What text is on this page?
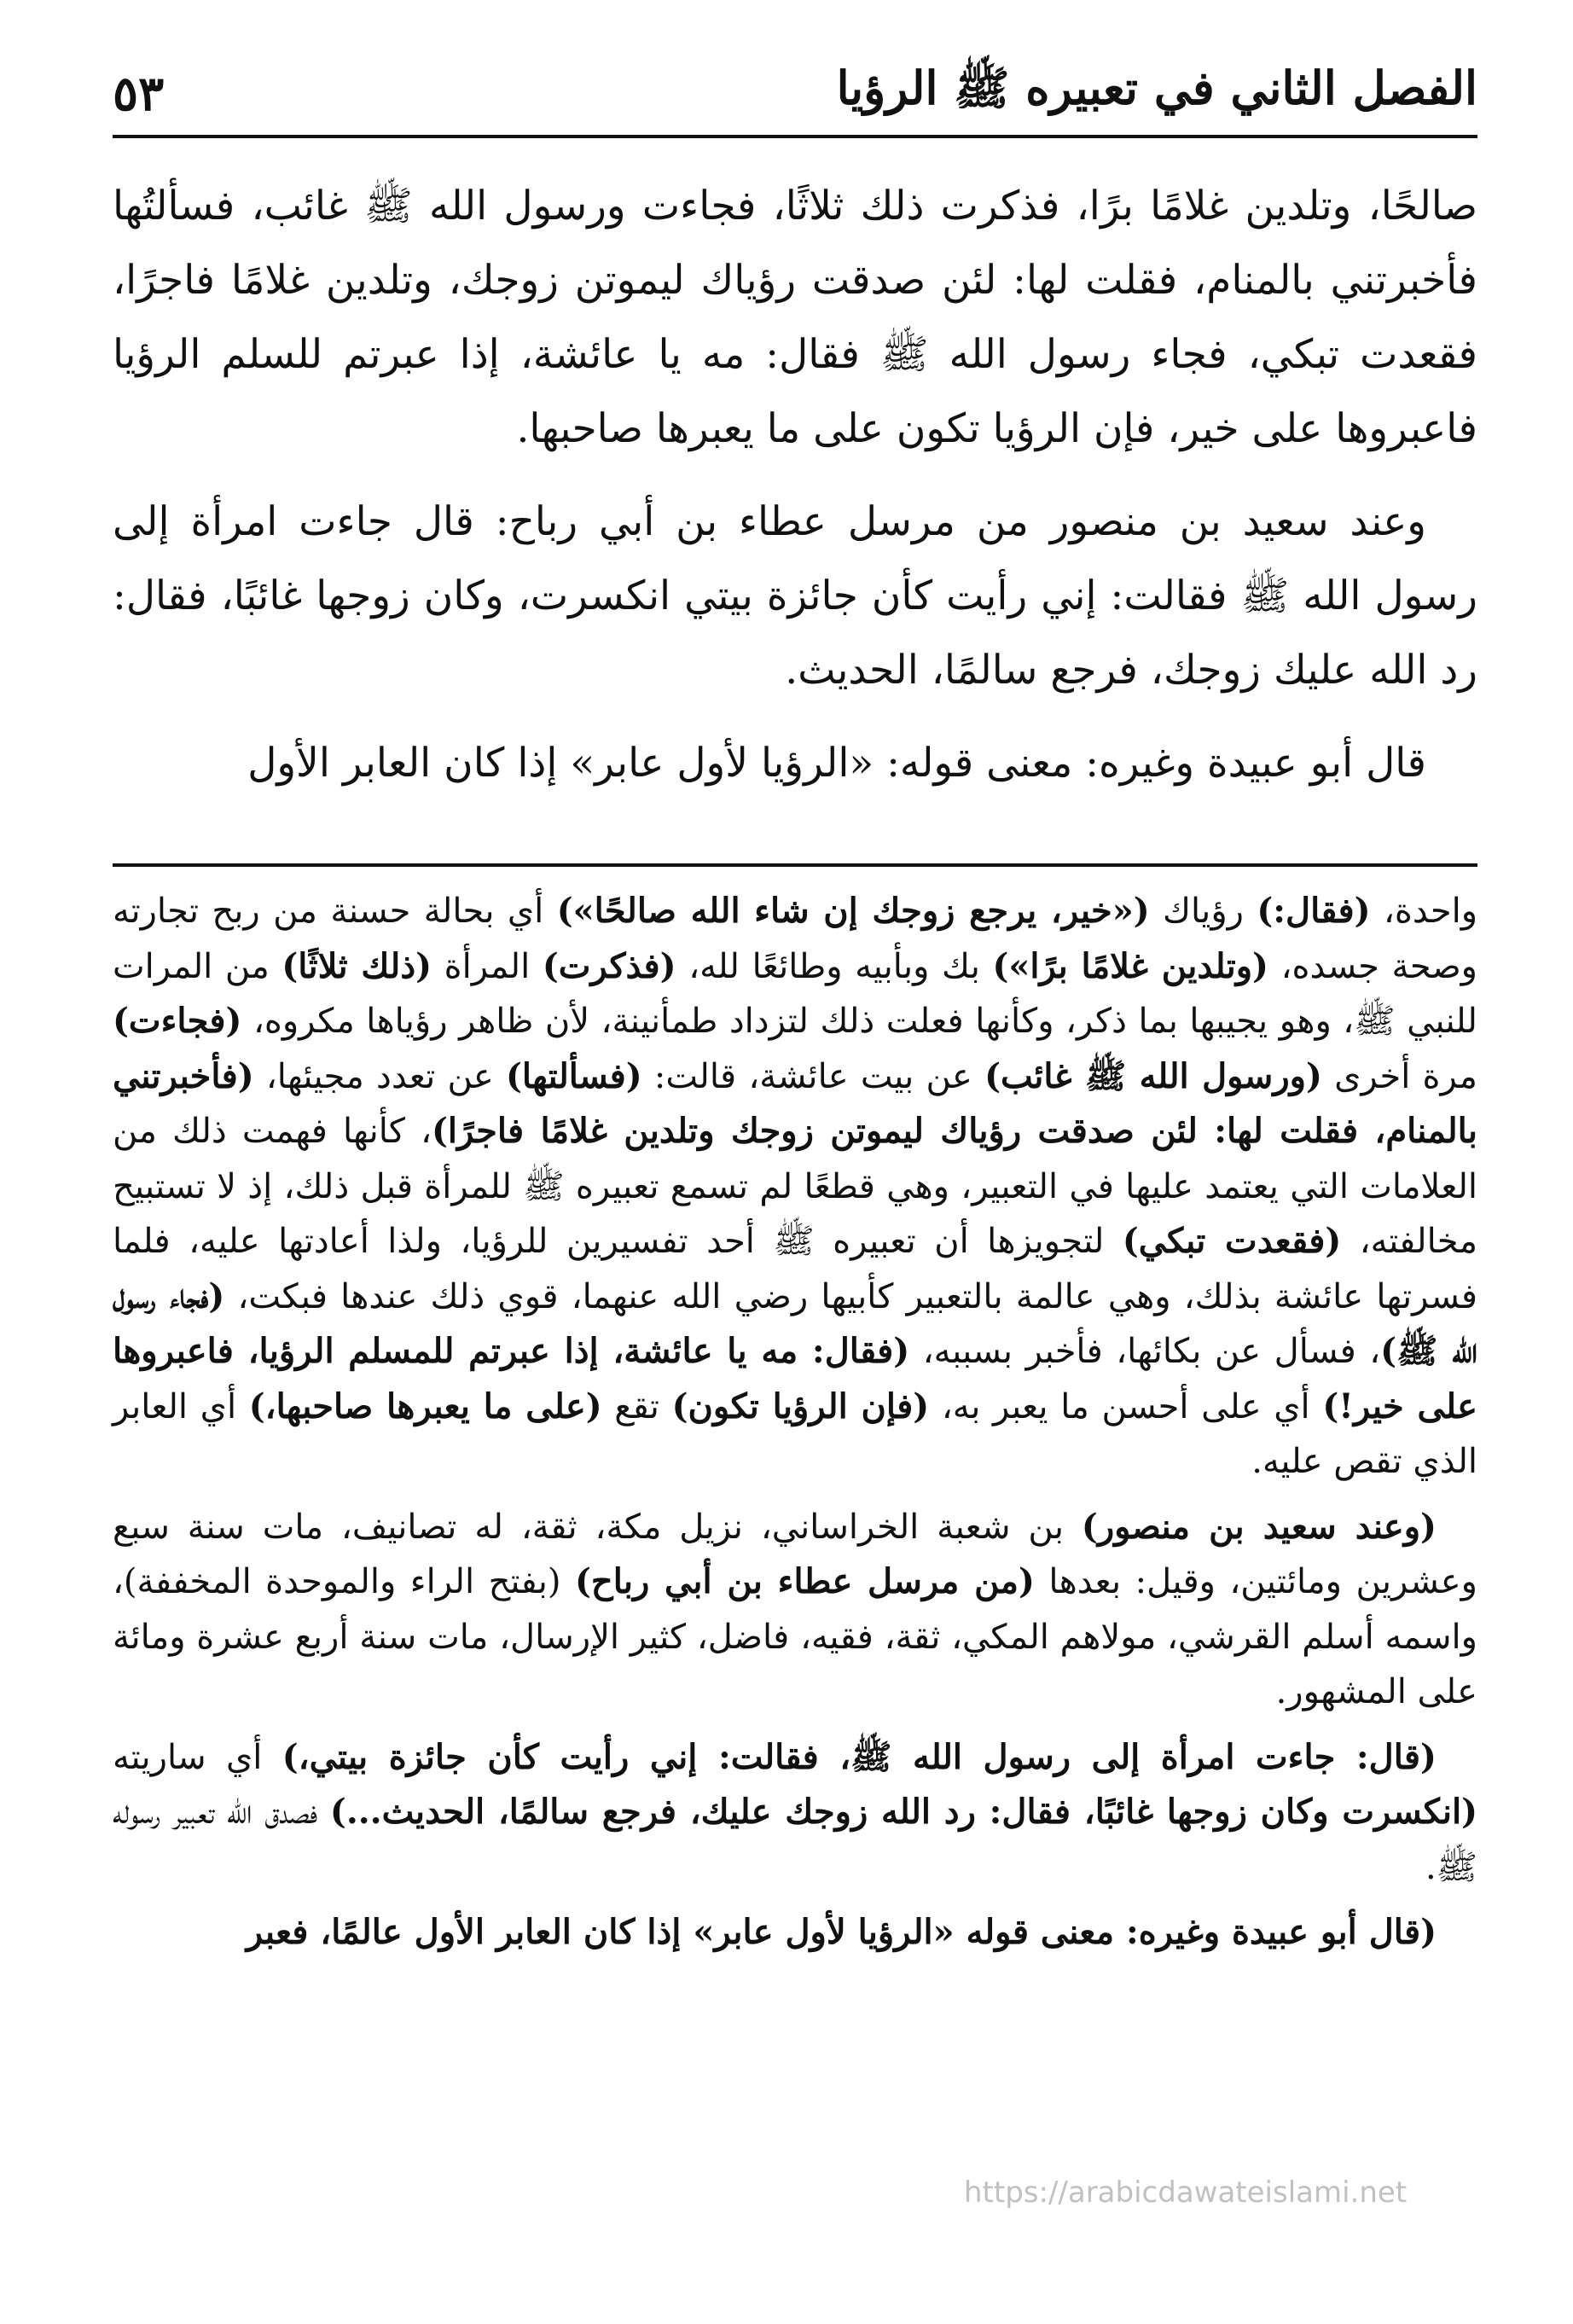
٥٣	الفصل الثاني في تعبيره ﷺ الرؤيا

صالحًا، وتلدين غلامًا برًا، فذكرت ذلك ثلاثًا، فجاءت ورسول الله ﷺ غائب، فسألتُها فأخبرتني بالمنام، فقلت لها: لئن صدقت رؤياك ليموتن زوجك، وتلدين غلامًا فاجرًا، فقعدت تبكي، فجاء رسول الله ﷺ فقال: مه يا عائشة، إذا عبرتم للسلم الرؤيا فاعبروها على خير، فإن الرؤيا تكون على ما يعبرها صاحبها.

وعند سعيد بن منصور من مرسل عطاء بن أبي رباح: قال جاءت امرأة إلى رسول الله ﷺ فقالت: إني رأيت كأن جائزة بيتي انكسرت، وكان زوجها غائبًا، فقال: رد الله عليك زوجك، فرجع سالمًا، الحديث.

قال أبو عبيدة وغيره: معنى قوله: «الرؤيا لأول عابر» إذا كان العابر الأول

واحدة، (فقال:) رؤياك («خير، يرجع زوجك إن شاء الله صالحًا») أي بحالة حسنة من ربح تجارته وصحة جسده، (وتلدين غلامًا برًا») بك وبأبيه وطائعًا لله، (فذكرت) المرأة (ذلك ثلاثًا) من المرات للنبي ﷺ، وهو يجيبها بما ذكر، وكأنها فعلت ذلك لتزداد طمأنينة، لأن ظاهر رؤياها مكروه، (فجاءت) مرة أخرى (ورسول الله ﷺ غائب) عن بيت عائشة، قالت: (فسألتها) عن تعدد مجيئها، (فأخبرتني بالمنام، فقلت لها: لئن صدقت رؤياك ليموتن زوجك وتلدين غلامًا فاجرًا)، كأنها فهمت ذلك من العلامات التي يعتمد عليها في التعبير، وهي قطعًا لم تسمع تعبيره ﷺ للمرأة قبل ذلك، إذ لا تستبيح مخالفته، (فقعدت تبكي) لتجويزها أن تعبيره ﷺ أحد تفسيرين للرؤيا، ولذا أعادتها عليه، فلما فسرتها عائشة بذلك، وهي عالمة بالتعبير كأبيها رضي الله عنهما، قوي ذلك عندها فبكت، (فجاء رسول الله ﷺ)، فسأل عن بكائها، فأخبر بسببه، (فقال: مه يا عائشة، إذا عبرتم للمسلم الرؤيا، فاعبروها على خير!) أي على أحسن ما يعبر به، (فإن الرؤيا تكون) تقع (على ما يعبرها صاحبها،) أي العابر الذي تقص عليه.

(وعند سعيد بن منصور) بن شعبة الخراساني، نزيل مكة، ثقة، له تصانيف، مات سنة سبع وعشرين ومائتين، وقيل: بعدها (من مرسل عطاء بن أبي رباح) (بفتح الراء والموحدة المخففة)، واسمه أسلم القرشي، مولاهم المكي، ثقة، فقيه، فاضل، كثير الإرسال، مات سنة أربع عشرة ومائة على المشهور.

(قال: جاءت امرأة إلى رسول الله ﷺ، فقالت: إني رأيت كأن جائزة بيتي،) أي ساريته (انكسرت وكان زوجها غائبًا، فقال: رد الله زوجك عليك، فرجع سالمًا، الحديث...) فصدق الله تعبير رسوله ﷺ.

(قال أبو عبيدة وغيره: معنى قوله «الرؤيا لأول عابر» إذا كان العابر الأول عالمًا، فعبر

https://arabicdawateislami.net
